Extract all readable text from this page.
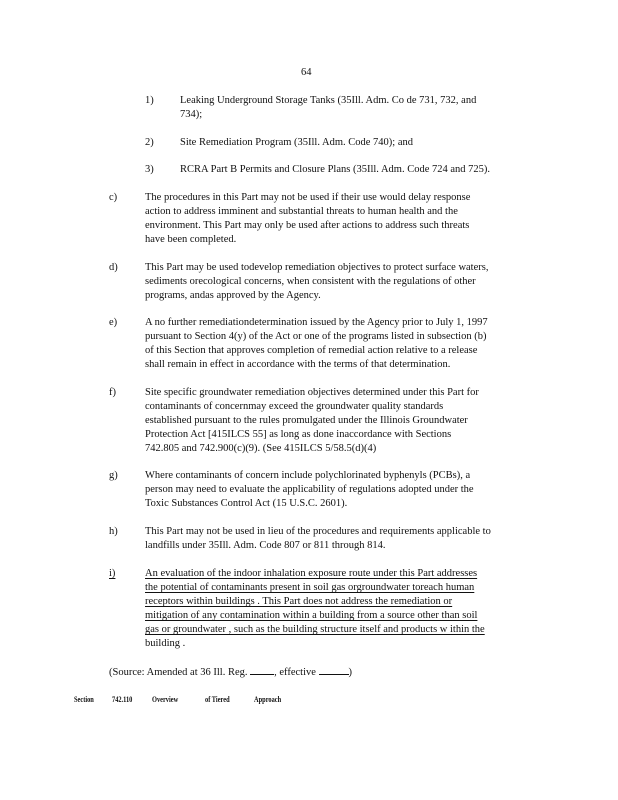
64
1)	Leaking Underground Storage Tanks (35Ill. Adm. Co de 731, 732, and
734);
2)	Site Remediation Program (35Ill. Adm. Code 740); and
3)	RCRA Part B Permits and Closure Plans (35Ill. Adm. Code 724 and 725).
c)	The procedures in this Part may not be used if their use would delay response
action to address imminent and substantial threats to human health and the
environment. This Part may only be used after actions to address such threats
have been completed.
d)	This Part may be used todevelop remediation objectives to protect surface waters,
sediments orecological concerns, when consistent with the regulations of other
programs, andas approved by the Agency.
e)	A no further remediationdetermination issued by the Agency prior to July 1, 1997
pursuant to Section 4(y) of the Act or one of the programs listed in subsection (b)
of this Section that approves completion of remedial action relative to a release
shall remain in effect in accordance with the terms of that determination.
f)	Site specific groundwater remediation objectives determined under this Part for
contaminants of concernmay exceed the groundwater quality standards
established pursuant to the rules promulgated under the Illinois Groundwater
Protection Act [415ILCS 55] as long as done inaccordance with Sections
742.805 and 742.900(c)(9). (See 415ILCS 5/58.5(d)(4)
g)	Where contaminants of concern include polychlorinated byphenyls (PCBs), a
person may need to evaluate the applicability of regulations adopted under the
Toxic Substances Control Act (15 U.S.C. 2601).
h)	This Part may not be used in lieu of the procedures and requirements applicable to
landfills under 35Ill. Adm. Code 807 or 811 through 814.
i)	An evaluation of the indoor inhalation exposure route under this Part addresses
the potential of contaminants present in soil gas orgroundwater toreach human
receptors within buildings . This Part does not address the remediation or
mitigation of any contamination within a building from a source other than soil
gas or groundwater , such as the building structure itself and products w ithin the
building .
(Source: Amended at 36 Ill. Reg.	, effective	)
Section 742.110 Overview	of Tiered	Approach
